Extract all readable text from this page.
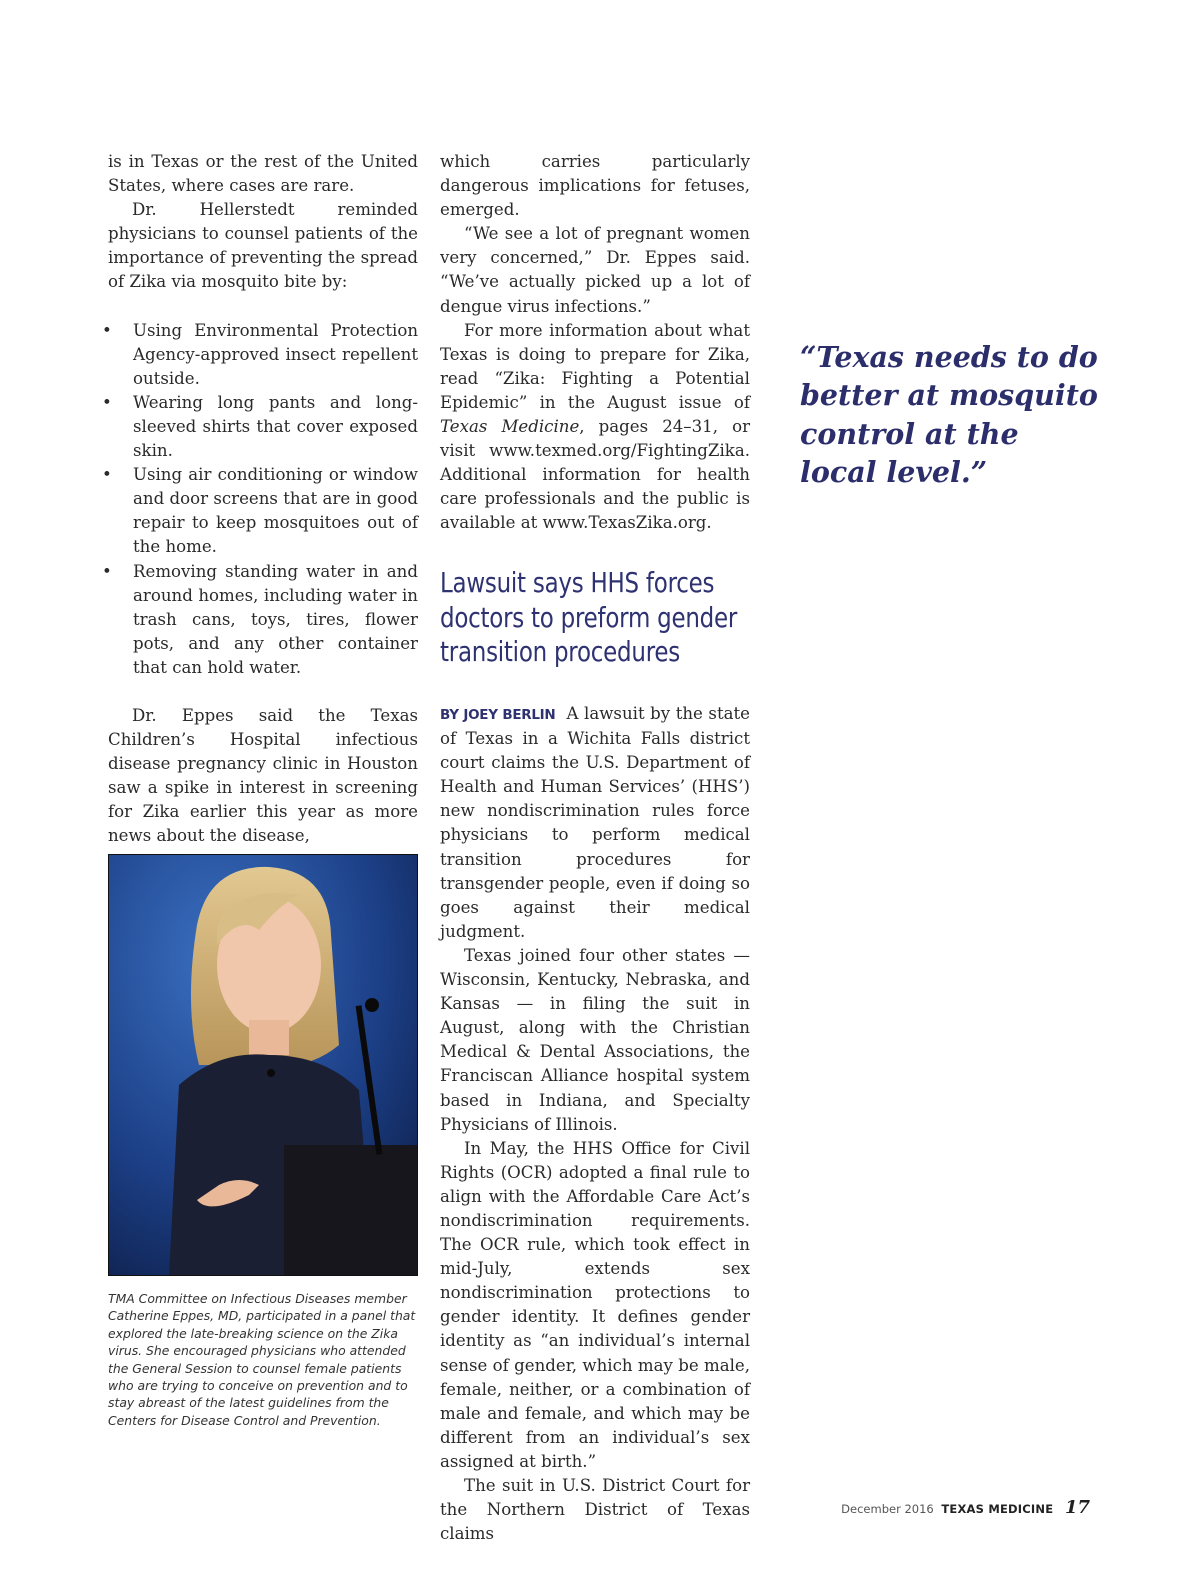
is in Texas or the rest of the United States, where cases are rare.

Dr. Hellerstedt reminded physicians to counsel patients of the importance of preventing the spread of Zika via mosquito bite by:

• Using Environmental Protection Agency-approved insect repellent outside.
• Wearing long pants and long-sleeved shirts that cover exposed skin.
• Using air conditioning or window and door screens that are in good repair to keep mosquitoes out of the home.
• Removing standing water in and around homes, including water in trash cans, toys, tires, flower pots, and any other container that can hold water.

Dr. Eppes said the Texas Children’s Hospital infectious disease pregnancy clinic in Houston saw a spike in interest in screening for Zika earlier this year as more news about the disease,

TMA Committee on Infectious Diseases member Catherine Eppes, MD, participated in a panel that explored the late-breaking science on the Zika virus. She encouraged physicians who attended the General Session to counsel female patients who are trying to conceive on prevention and to stay abreast of the latest guidelines from the Centers for Disease Control and Prevention.

which carries particularly dangerous implications for fetuses, emerged.

“We see a lot of pregnant women very concerned,” Dr. Eppes said. “We’ve actually picked up a lot of dengue virus infections.”

For more information about what Texas is doing to prepare for Zika, read “Zika: Fighting a Potential Epidemic” in the August issue of Texas Medicine, pages 24–31, or visit www.texmed.org/FightingZika. Additional information for health care professionals and the public is available at www.TexasZika.org.

Lawsuit says HHS forces
doctors to preform gender
transition procedures

BY JOEY BERLIN A lawsuit by the state of Texas in a Wichita Falls district court claims the U.S. Department of Health and Human Services’ (HHS’) new nondiscrimination rules force physicians to perform medical transition procedures for transgender people, even if doing so goes against their medical judgment.

Texas joined four other states — Wisconsin, Kentucky, Nebraska, and Kansas — in filing the suit in August, along with the Christian Medical & Dental Associations, the Franciscan Alliance hospital system based in Indiana, and Specialty Physicians of Illinois.

In May, the HHS Office for Civil Rights (OCR) adopted a final rule to align with the Affordable Care Act’s nondiscrimination requirements. The OCR rule, which took effect in mid-July, extends sex nondiscrimination protections to gender identity. It defines gender identity as “an individual’s internal sense of gender, which may be male, female, neither, or a combination of male and female, and which may be different from an individual’s sex assigned at birth.”

The suit in U.S. District Court for the Northern District of Texas claims

“Texas needs to do
better at mosquito
control at the
local level.”
December 2016 TEXAS MEDICINE 17
